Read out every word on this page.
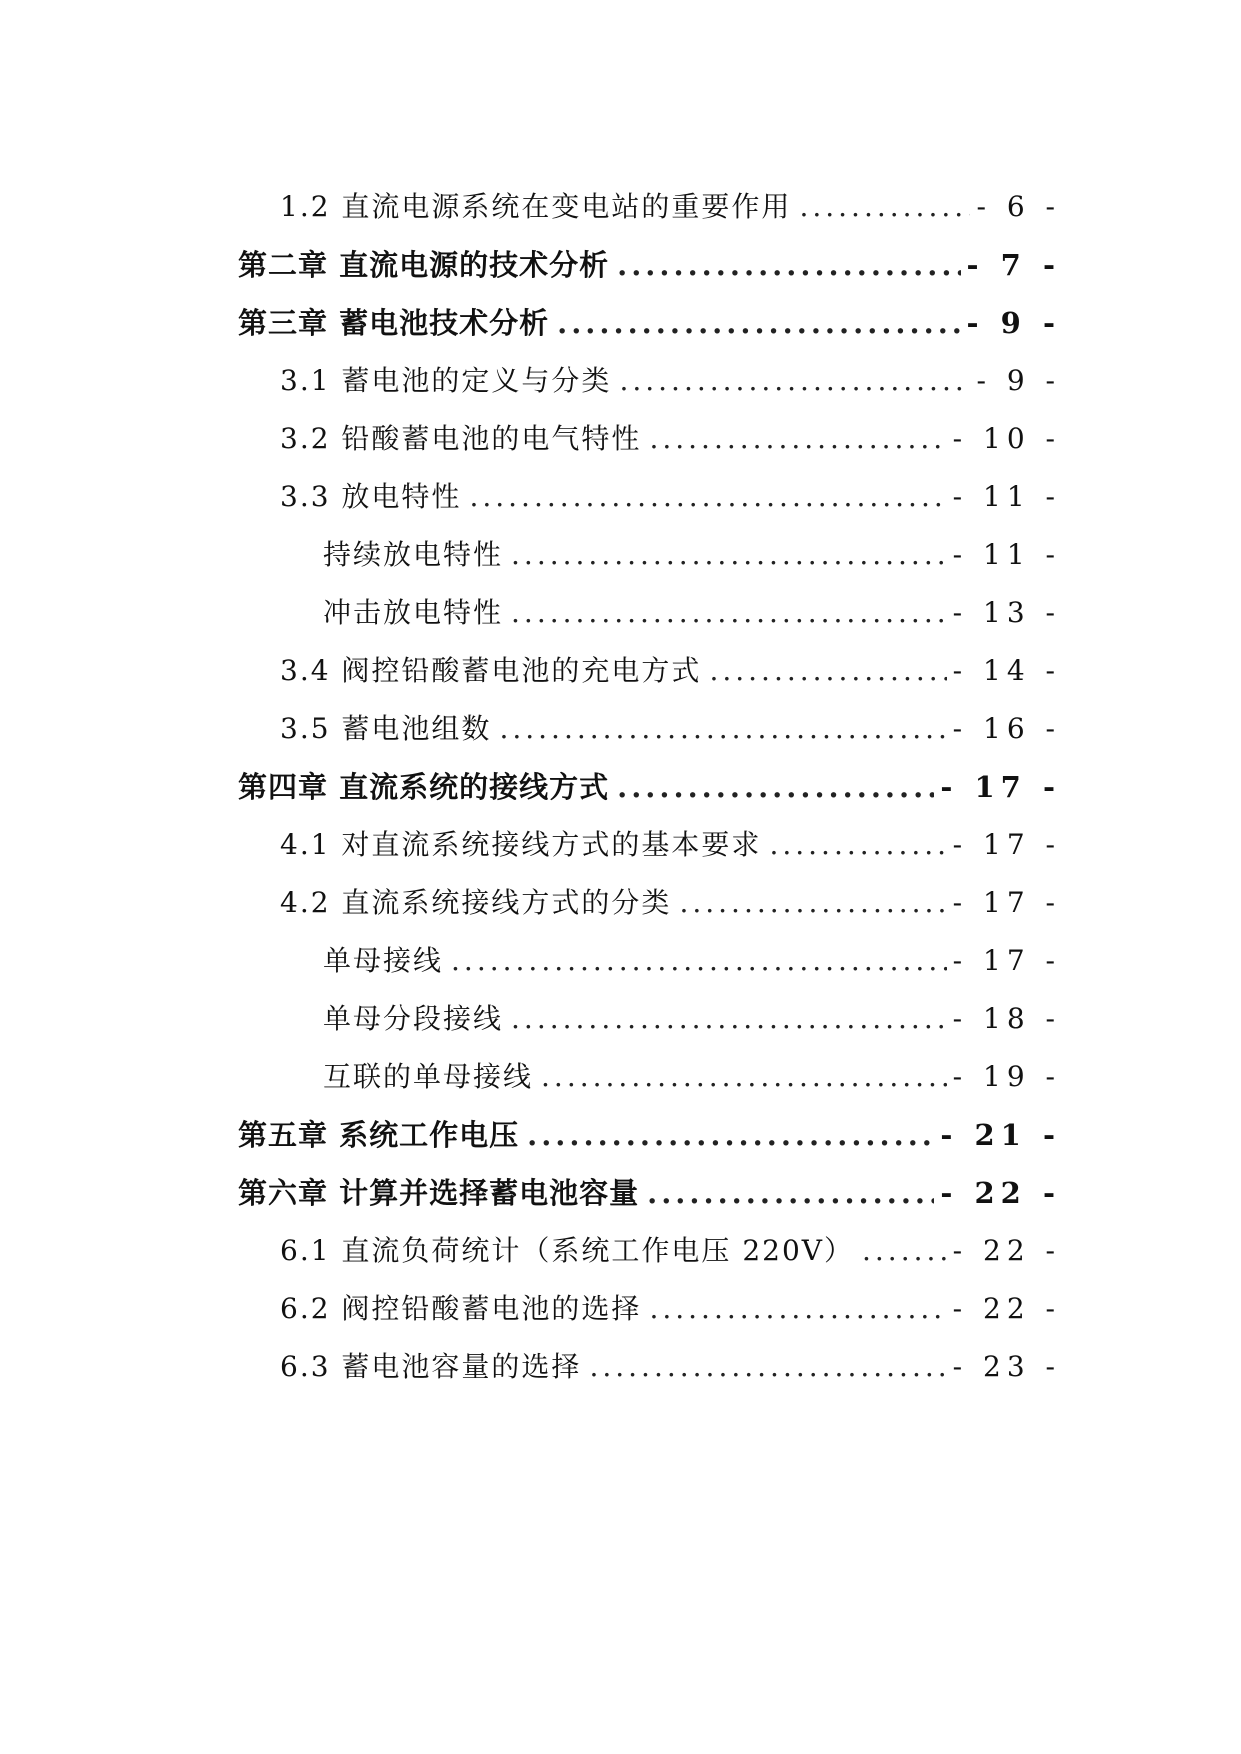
1.2 直流电源系统在变电站的重要作用 .....	- 6 -
第二章 直流电源的技术分析 .....	- 7 -
第三章 蓄电池技术分析 .....	- 9 -
3.1 蓄电池的定义与分类 .....	- 9 -
3.2 铅酸蓄电池的电气特性 .....	- 10 -
3.3 放电特性 .....	- 11 -
持续放电特性 .....	- 11 -
冲击放电特性 .....	- 13 -
3.4 阀控铅酸蓄电池的充电方式 .....	- 14 -
3.5 蓄电池组数 .....	- 16 -
第四章 直流系统的接线方式 .....	- 17 -
4.1 对直流系统接线方式的基本要求 .....	- 17 -
4.2 直流系统接线方式的分类 .....	- 17 -
单母接线 .....	- 17 -
单母分段接线 .....	- 18 -
互联的单母接线 .....	- 19 -
第五章 系统工作电压 .....	- 21 -
第六章 计算并选择蓄电池容量 .....	- 22 -
6.1 直流负荷统计（系统工作电压 220V） .....	- 22 -
6.2 阀控铅酸蓄电池的选择 .....	- 22 -
6.3 蓄电池容量的选择 .....	- 23 -
